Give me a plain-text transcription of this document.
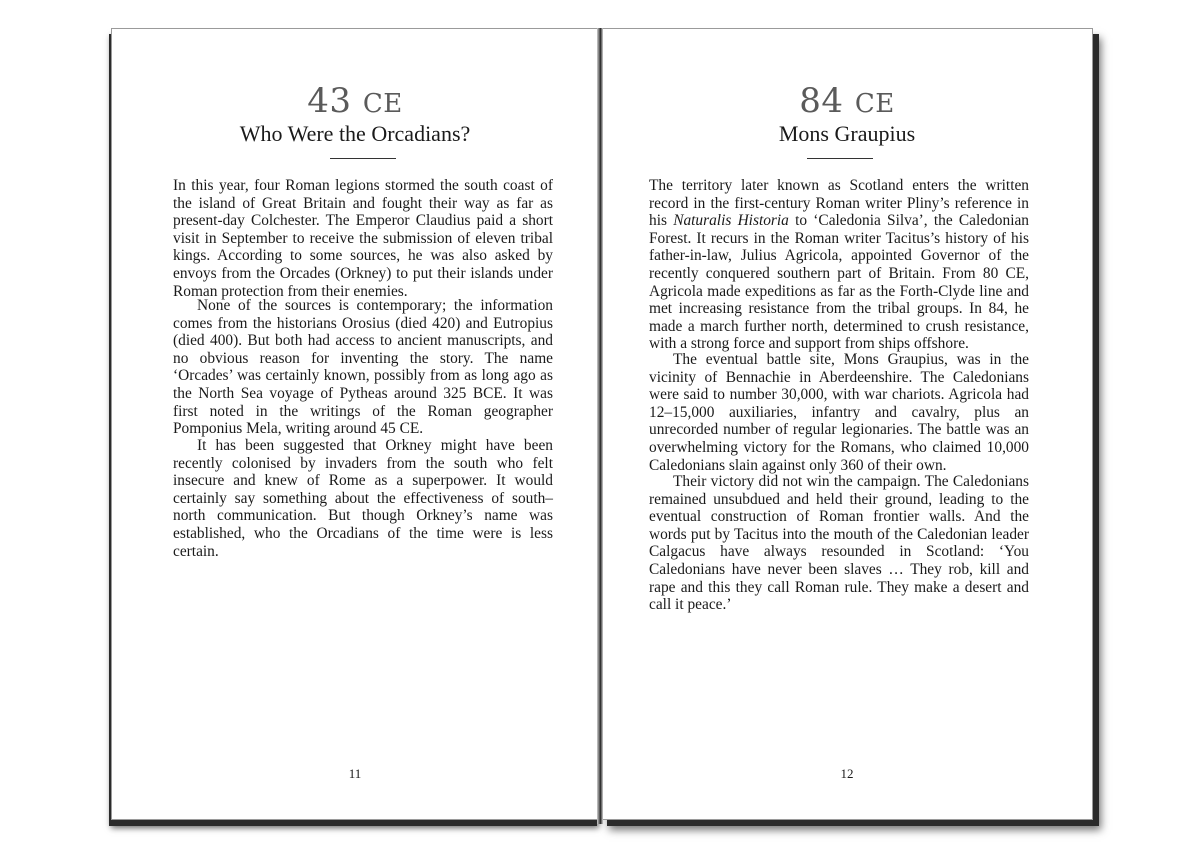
43 CE
Who Were the Orcadians?

In this year, four Roman legions stormed the south coast of the island of Great Britain and fought their way as far as present-day Colchester. The Emperor Claudius paid a short visit in September to receive the submission of eleven tribal kings. According to some sources, he was also asked by envoys from the Orcades (Orkney) to put their islands under Roman protection from their enemies.

None of the sources is contemporary; the information comes from the historians Orosius (died 420) and Eutropius (died 400). But both had access to ancient manuscripts, and no obvious reason for inventing the story. The name ‘Orcades’ was certainly known, possibly from as long ago as the North Sea voyage of Pytheas around 325 BCE. It was first noted in the writings of the Roman geographer Pomponius Mela, writing around 45 CE.

It has been suggested that Orkney might have been recently colonised by invaders from the south who felt insecure and knew of Rome as a superpower. It would certainly say something about the effectiveness of south–north communication. But though Orkney’s name was established, who the Orcadians of the time were is less certain.

11
84 CE
Mons Graupius

The territory later known as Scotland enters the written record in the first-century Roman writer Pliny’s reference in his Naturalis Historia to ‘Caledonia Silva’, the Caledonian Forest. It recurs in the Roman writer Tacitus’s history of his father-in-law, Julius Agricola, appointed Governor of the recently conquered southern part of Britain. From 80 CE, Agricola made expeditions as far as the Forth-Clyde line and met increasing resistance from the tribal groups. In 84, he made a march further north, determined to crush resistance, with a strong force and support from ships offshore.

The eventual battle site, Mons Graupius, was in the vicinity of Bennachie in Aberdeenshire. The Caledonians were said to number 30,000, with war chariots. Agricola had 12–15,000 auxiliaries, infantry and cavalry, plus an unrecorded number of regular legionaries. The battle was an overwhelming victory for the Romans, who claimed 10,000 Caledonians slain against only 360 of their own.

Their victory did not win the campaign. The Caledonians remained unsubdued and held their ground, leading to the eventual construction of Roman frontier walls. And the words put by Tacitus into the mouth of the Caledonian leader Calgacus have always resounded in Scotland: ‘You Caledonians have never been slaves … They rob, kill and rape and this they call Roman rule. They make a desert and call it peace.’

12
